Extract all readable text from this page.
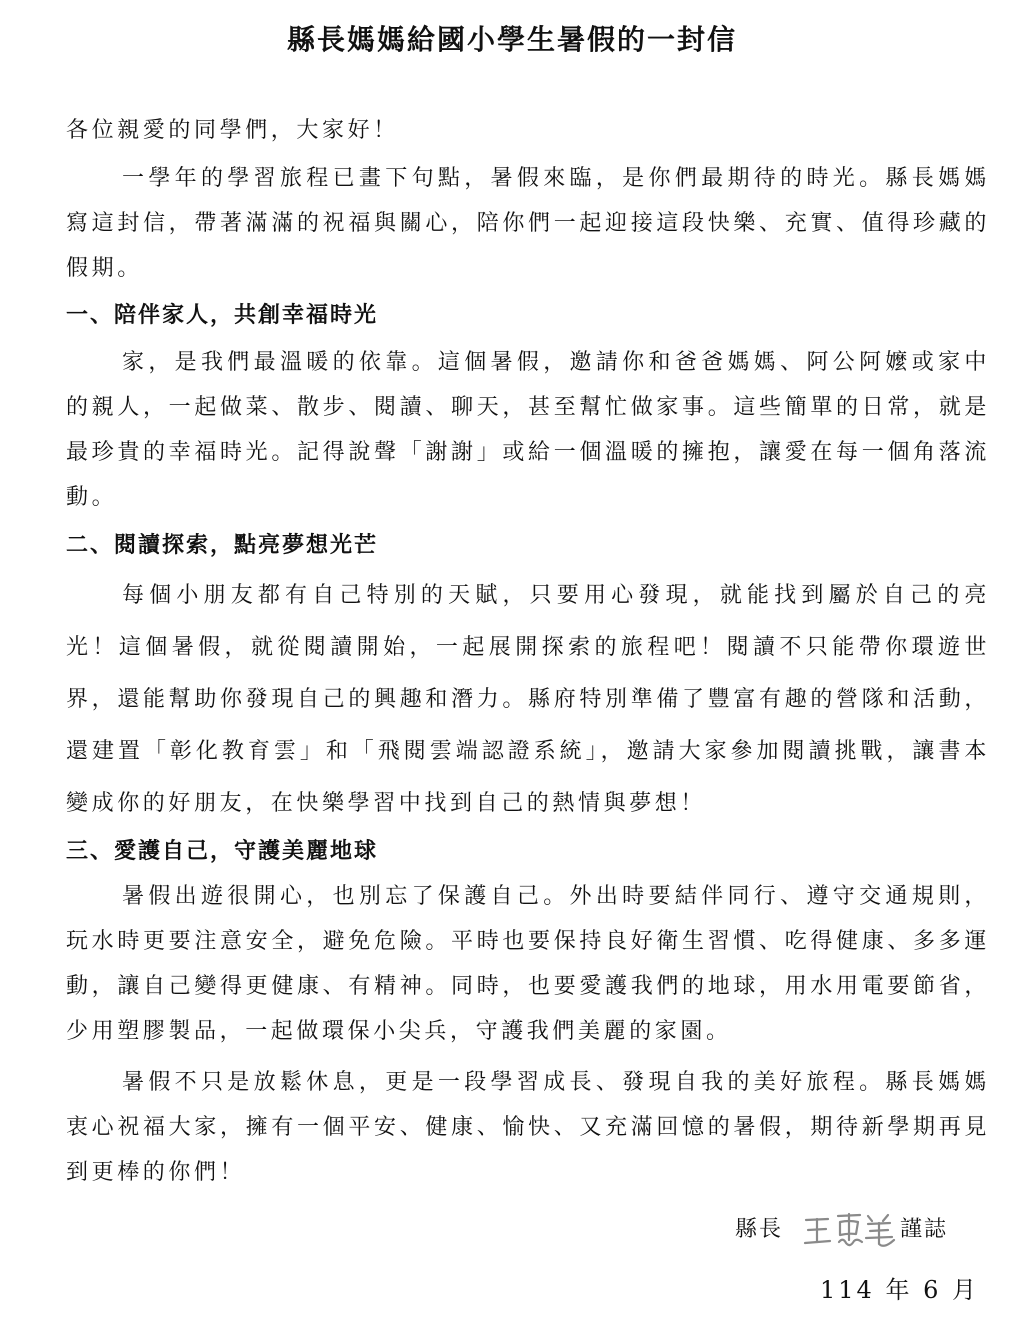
縣長媽媽給國小學生暑假的一封信
各位親愛的同學們，大家好！
一學年的學習旅程已畫下句點，暑假來臨，是你們最期待的時光。縣長媽媽寫這封信，帶著滿滿的祝福與關心，陪你們一起迎接這段快樂、充實、值得珍藏的假期。
一、陪伴家人，共創幸福時光
家，是我們最溫暖的依靠。這個暑假，邀請你和爸爸媽媽、阿公阿嬤或家中的親人，一起做菜、散步、閱讀、聊天，甚至幫忙做家事。這些簡單的日常，就是最珍貴的幸福時光。記得說聲「謝謝」或給一個溫暖的擁抱，讓愛在每一個角落流動。
二、閱讀探索，點亮夢想光芒
每個小朋友都有自己特別的天賦，只要用心發現，就能找到屬於自己的亮光！這個暑假，就從閱讀開始，一起展開探索的旅程吧！閱讀不只能帶你環遊世界，還能幫助你發現自己的興趣和潛力。縣府特別準備了豐富有趣的營隊和活動，還建置「彰化教育雲」和「飛閱雲端認證系統」，邀請大家參加閱讀挑戰，讓書本變成你的好朋友，在快樂學習中找到自己的熱情與夢想！
三、愛護自己，守護美麗地球
暑假出遊很開心，也別忘了保護自己。外出時要結伴同行、遵守交通規則，玩水時更要注意安全，避免危險。平時也要保持良好衛生習慣、吃得健康、多多運動，讓自己變得更健康、有精神。同時，也要愛護我們的地球，用水用電要節省，少用塑膠製品，一起做環保小尖兵，守護我們美麗的家園。
暑假不只是放鬆休息，更是一段學習成長、發現自我的美好旅程。縣長媽媽衷心祝福大家，擁有一個平安、健康、愉快、又充滿回憶的暑假，期待新學期再見到更棒的你們！
縣長	謹誌
114 年 6 月
